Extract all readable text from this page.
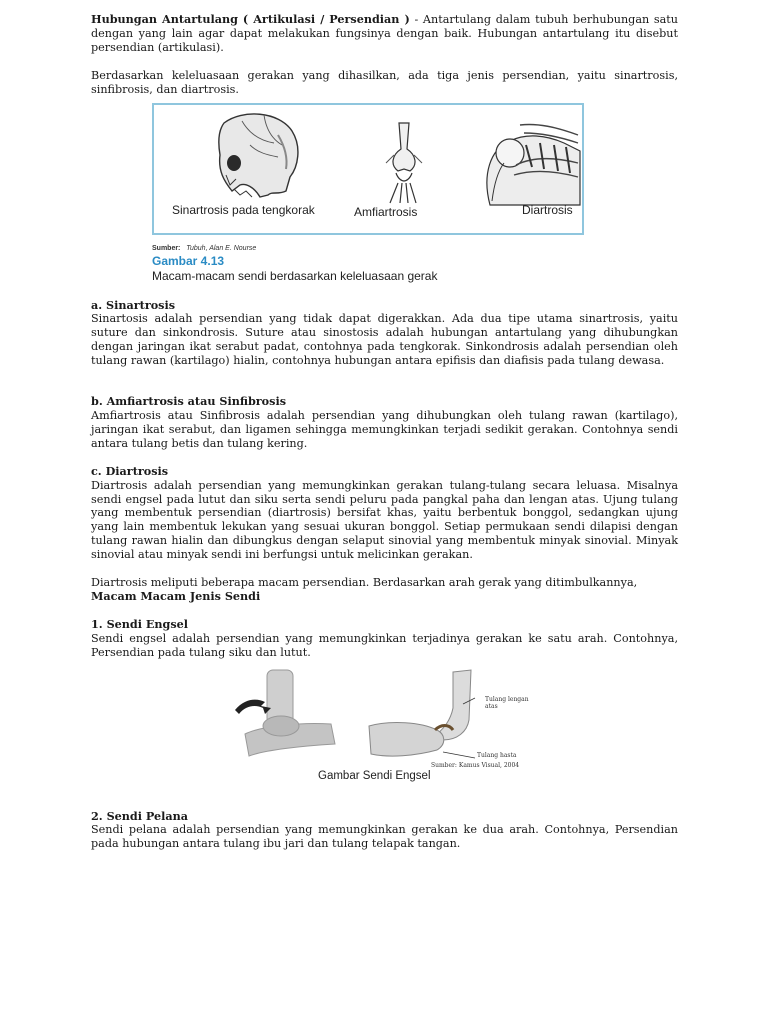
Hubungan Antartulang ( Artikulasi / Persendian ) - Antartulang dalam tubuh berhubungan satu dengan yang lain agar dapat melakukan fungsinya dengan baik. Hubungan antartulang itu disebut persendian (artikulasi).

Berdasarkan keleluasaan gerakan yang dihasilkan, ada tiga jenis persendian, yaitu sinartrosis, sinfibrosis, dan diartrosis.

Sinartrosis pada tengkorak	Amfiartrosis	Diartrosis
Sumber: Tubuh, Alan E. Nourse
Gambar 4.13
Macam-macam sendi berdasarkan keleluasaan gerak

a. Sinartrosis

Sinartosis adalah persendian yang tidak dapat digerakkan. Ada dua tipe utama sinartrosis, yaitu suture dan sinkondrosis. Suture atau sinostosis adalah hubungan antartulang yang dihubungkan dengan jaringan ikat serabut padat, contohnya pada tengkorak. Sinkondrosis adalah persendian oleh tulang rawan (kartilago) hialin, contohnya hubungan antara epifisis dan diafisis pada tulang dewasa.

b. Amfiartrosis atau Sinfibrosis

Amfiartrosis atau Sinfibrosis adalah persendian yang dihubungkan oleh tulang rawan (kartilago), jaringan ikat serabut, dan ligamen sehingga memungkinkan terjadi sedikit gerakan. Contohnya sendi antara tulang betis dan tulang kering.

c. Diartrosis

Diartrosis adalah persendian yang memungkinkan gerakan tulang-tulang secara leluasa. Misalnya sendi engsel pada lutut dan siku serta sendi peluru pada pangkal paha dan lengan atas. Ujung tulang yang membentuk persendian (diartrosis) bersifat khas, yaitu berbentuk bonggol, sedangkan ujung yang lain membentuk lekukan yang sesuai ukuran bonggol. Setiap permukaan sendi dilapisi dengan tulang rawan hialin dan dibungkus dengan selaput sinovial yang membentuk minyak sinovial. Minyak sinovial atau minyak sendi ini berfungsi untuk melicinkan gerakan.

Diartrosis meliputi beberapa macam persendian. Berdasarkan arah gerak yang ditimbulkannya,

Macam Macam Jenis Sendi

1. Sendi Engsel

Sendi engsel adalah persendian yang memungkinkan terjadinya gerakan ke satu arah. Contohnya, Persendian pada tulang siku dan lutut.

Tulang lengan atas
Tulang hasta
Sumber: Kamus Visual, 2004
Gambar Sendi Engsel

2. Sendi Pelana

Sendi pelana adalah persendian yang memungkinkan gerakan ke dua arah. Contohnya, Persendian pada hubungan antara tulang ibu jari dan tulang telapak tangan.
